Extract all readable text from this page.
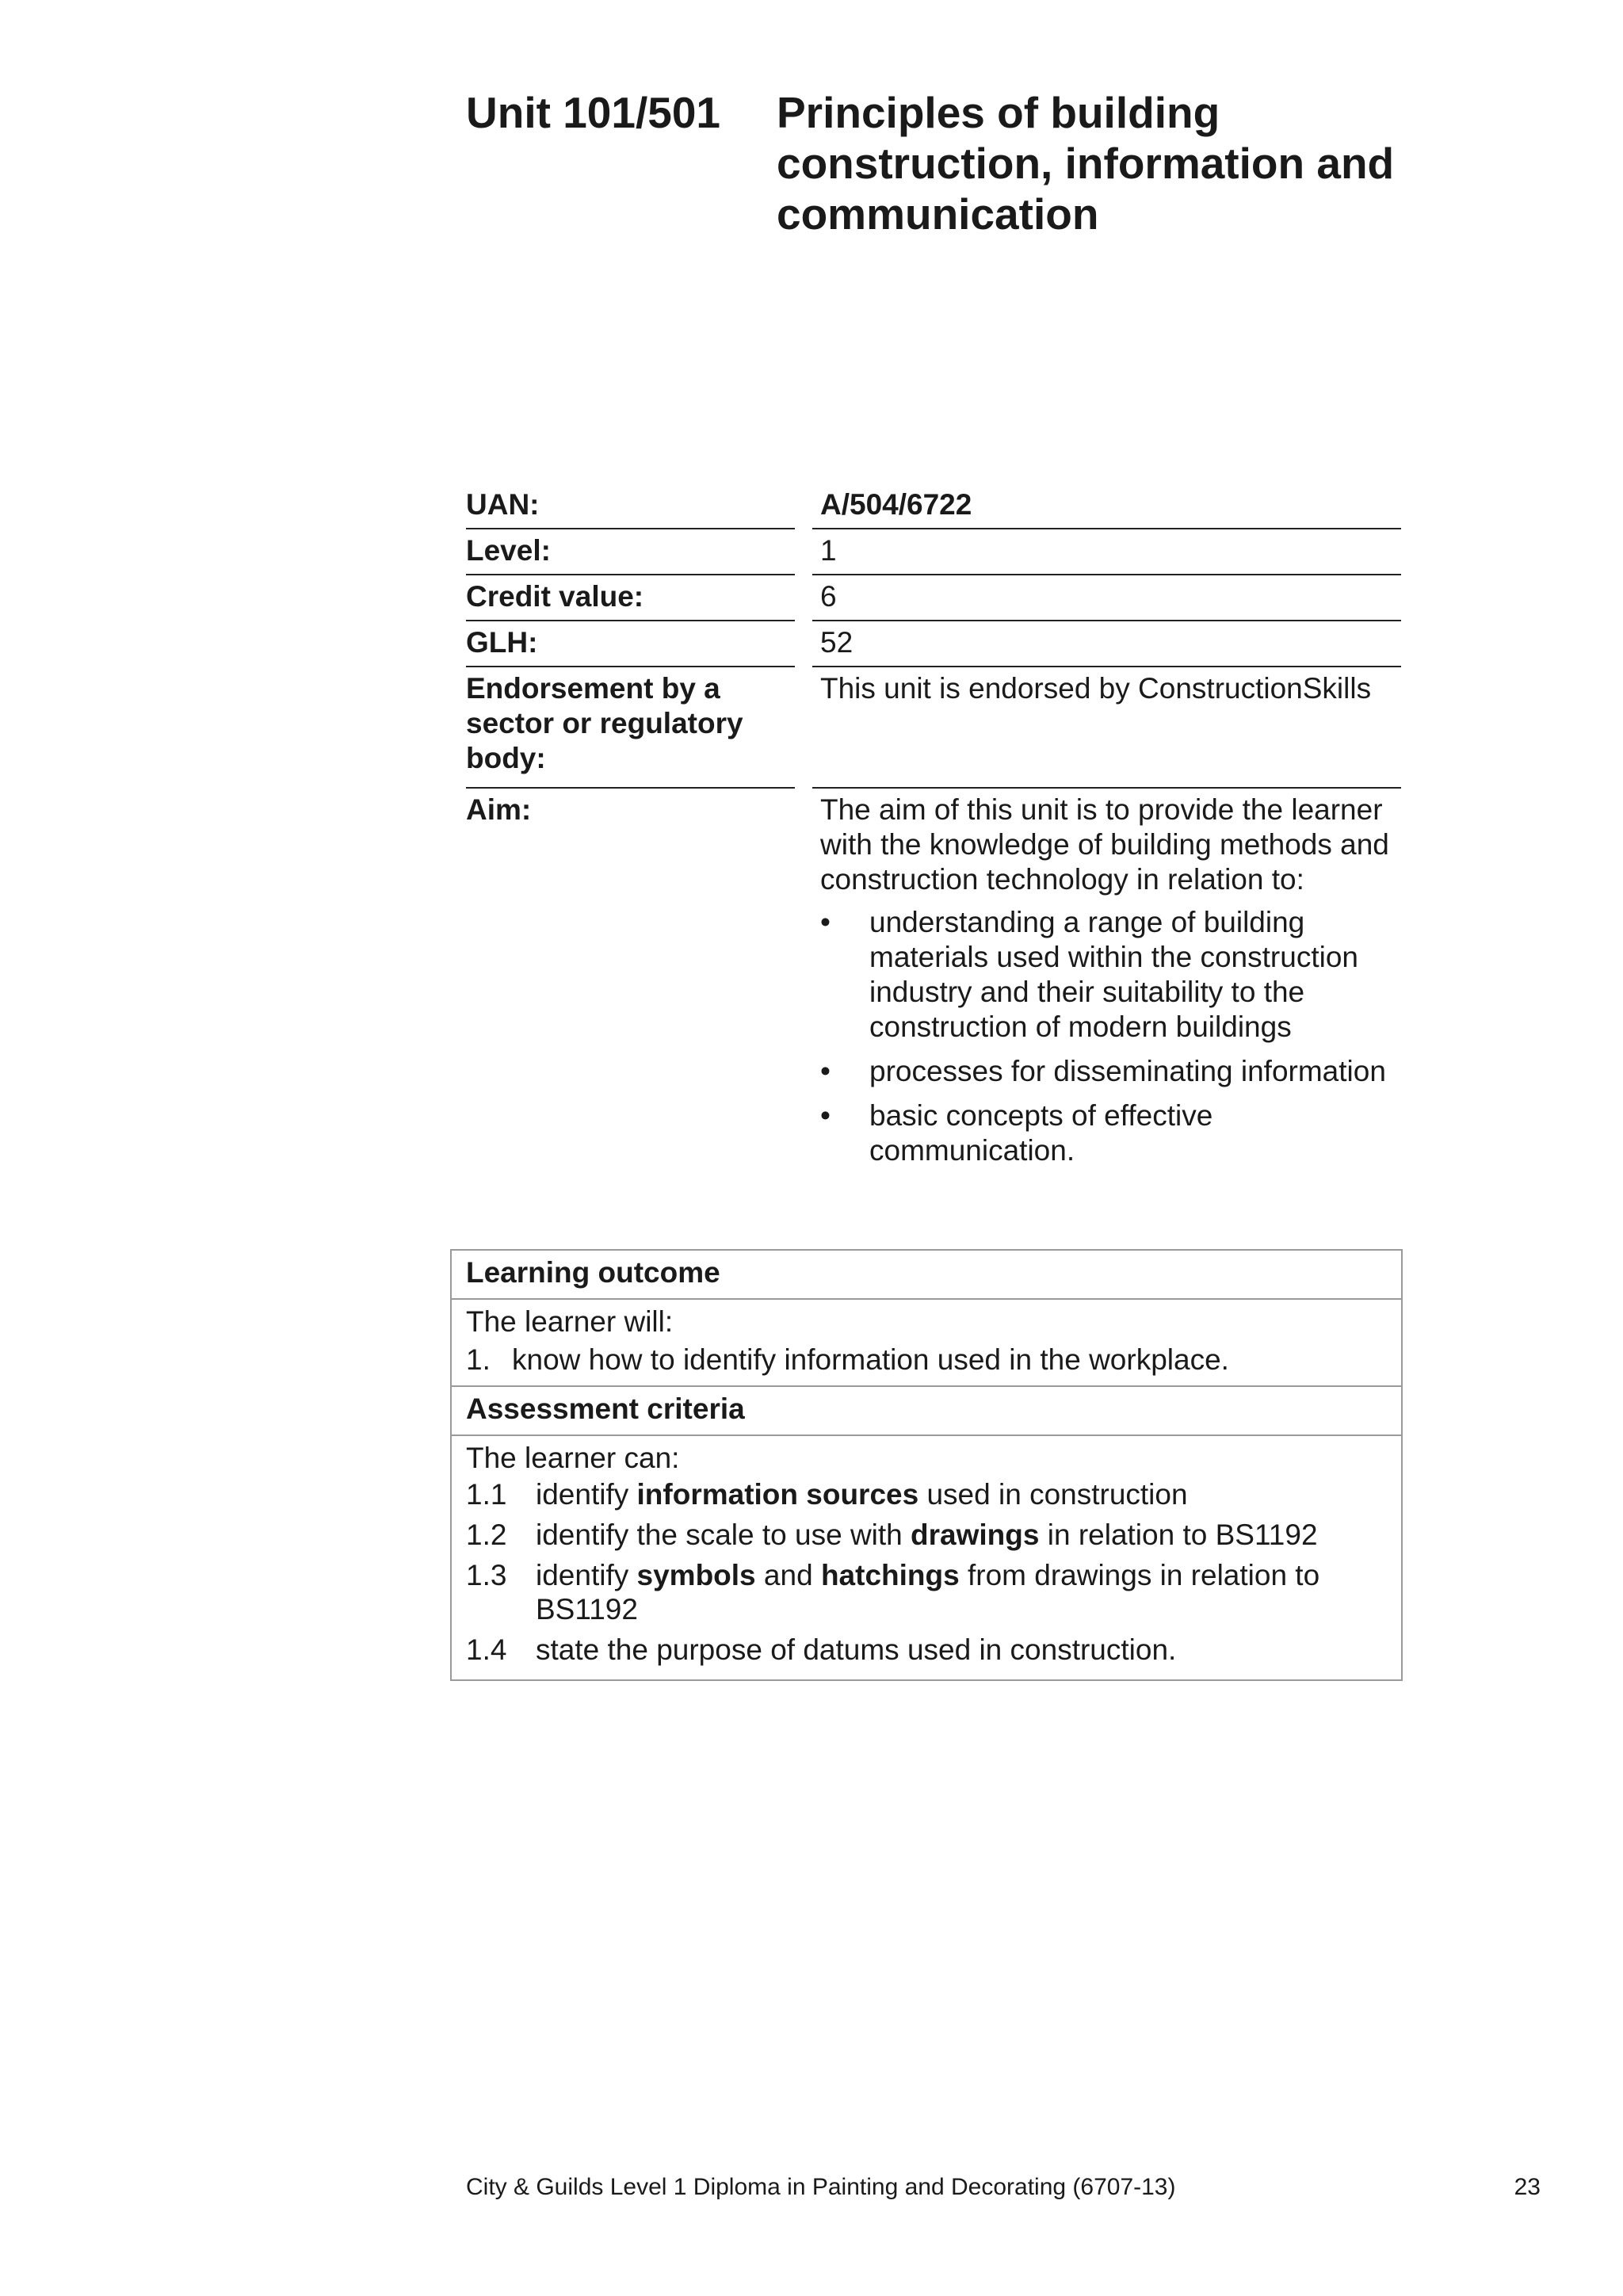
Unit 101/501 Principles of building construction, information and communication
UAN:	A/504/6722
Level:	1
Credit value:	6
GLH:	52
Endorsement by a sector or regulatory body:
This unit is endorsed by ConstructionSkills
Aim:	The aim of this unit is to provide the learner with the knowledge of building methods and construction technology in relation to:

• understanding a range of building materials used within the construction industry and their suitability to the construction of modern buildings
• processes for disseminating information
• basic concepts of effective communication.
Learning outcome
The learner will:
1. know how to identify information used in the workplace.
Assessment criteria
The learner can:
1.1 identify information sources used in construction
1.2 identify the scale to use with drawings in relation to BS1192
1.3 identify symbols and hatchings from drawings in relation to BS1192
1.4 state the purpose of datums used in construction.
City & Guilds Level 1 Diploma in Painting and Decorating (6707-13)	23
